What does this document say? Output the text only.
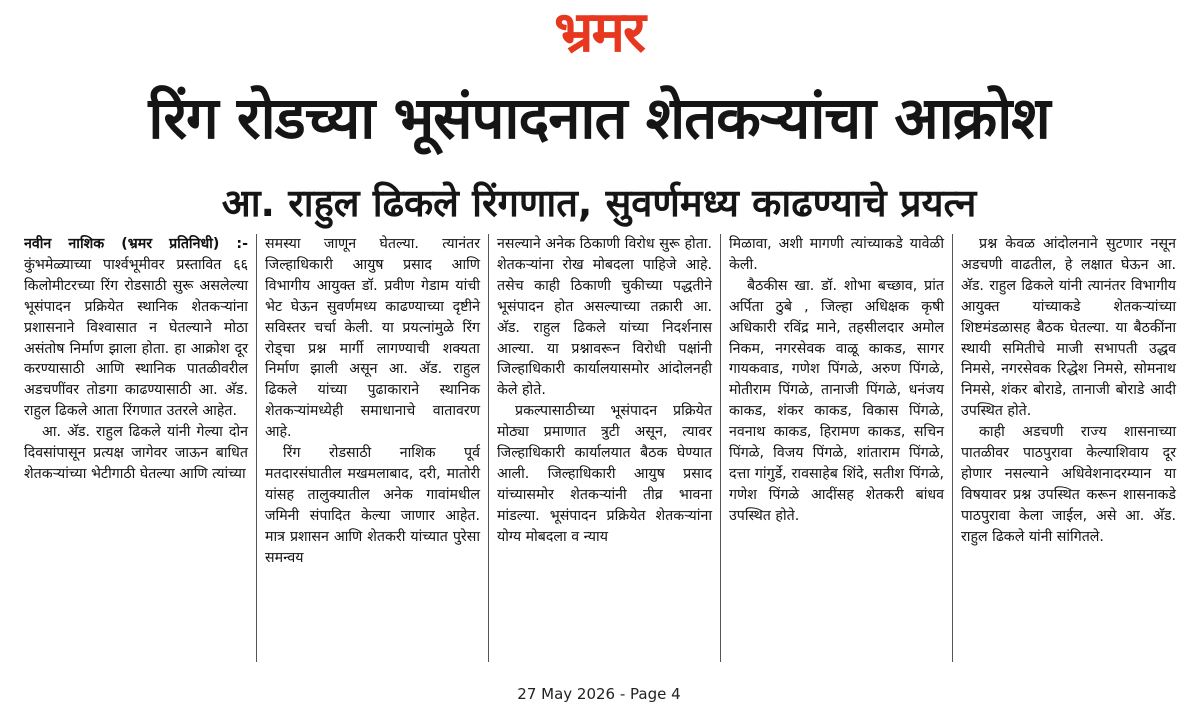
भ्रमर
रिंग रोडच्या भूसंपादनात शेतकऱ्यांचा आक्रोश
आ. राहुल ढिकले रिंगणात, सुवर्णमध्य काढण्याचे प्रयत्न

नवीन नाशिक (भ्रमर प्रतिनिधी) :- कुंभमेळ्याच्या पार्श्वभूमीवर प्रस्तावित ६६ किलोमीटरच्या रिंग रोडसाठी सुरू असलेल्या भूसंपादन प्रक्रियेत स्थानिक शेतकऱ्यांना प्रशासनाने विश्वासात न घेतल्याने मोठा असंतोष निर्माण झाला होता. हा आक्रोश दूर करण्यासाठी आणि स्थानिक पातळीवरील अडचणींवर तोडगा काढण्यासाठी आ. अ‍ॅड. राहुल ढिकले आता रिंगणात उतरले आहेत.

आ. अ‍ॅड. राहुल ढिकले यांनी गेल्या दोन दिवसांपासून प्रत्यक्ष जागेवर जाऊन बाधित शेतकऱ्यांच्या भेटीगाठी घेतल्या आणि त्यांच्या

समस्या जाणून घेतल्या. त्यानंतर जिल्हाधिकारी आयुष प्रसाद आणि विभागीय आयुक्त डॉ. प्रवीण गेडाम यांची भेट घेऊन सुवर्णमध्य काढण्याच्या दृष्टीने सविस्तर चर्चा केली. या प्रयत्नांमुळे रिंग रोड्चा प्रश्न मार्गी लागण्याची शक्यता निर्माण झाली असून आ. अ‍ॅड. राहुल ढिकले यांच्या पुढाकाराने स्थानिक शेतकऱ्यांमध्येही समाधानाचे वातावरण आहे.

रिंग रोडसाठी नाशिक पूर्व मतदारसंघातील मखमलाबाद, दरी, मातोरी यांसह तालुक्यातील अनेक गावांमधील जमिनी संपादित केल्या जाणार आहेत. मात्र प्रशासन आणि शेतकरी यांच्यात पुरेसा समन्वय

नसल्याने अनेक ठिकाणी विरोध सुरू होता. शेतकऱ्यांना रोख मोबदला पाहिजे आहे. तसेच काही ठिकाणी चुकीच्या पद्धतीने भूसंपादन होत असल्याच्या तक्रारी आ. अ‍ॅड. राहुल ढिकले यांच्या निदर्शनास आल्या. या प्रश्नावरून विरोधी पक्षांनी जिल्हाधिकारी कार्यालयासमोर आंदोलनही केले होते.

प्रकल्पासाठीच्या भूसंपादन प्रक्रियेत मोठ्या प्रमाणात त्रुटी असून, त्यावर जिल्हाधिकारी कार्यालयात बैठक घेण्यात आली. जिल्हाधिकारी आयुष प्रसाद यांच्यासमोर शेतकऱ्यांनी तीव्र भावना मांडल्या. भूसंपादन प्रक्रियेत शेतकऱ्यांना योग्य मोबदला व न्याय

मिळावा, अशी मागणी त्यांच्याकडे यावेळी केली.

बैठकीस खा. डॉ. शोभा बच्छाव, प्रांत अर्पिता ठुबे , जिल्हा अधिक्षक कृषी अधिकारी रविंद्र माने, तहसीलदार अमोल निकम, नगरसेवक वाळू काकड, सागर गायकवाड, गणेश पिंगळे, अरुण पिंगळे, मोतीराम पिंगळे, तानाजी पिंगळे, धनंजय काकड, शंकर काकड, विकास पिंगळे, नवनाथ काकड, हिरामण काकड, सचिन पिंगळे, विजय पिंगळे, शांताराम पिंगळे, दत्ता गांगुर्डे, रावसाहेब शिंदे, सतीश पिंगळे, गणेश पिंगळे आदींसह शेतकरी बांधव उपस्थित होते.

प्रश्न केवळ आंदोलनाने सुटणार नसून अडचणी वाढतील, हे लक्षात घेऊन आ. अ‍ॅड. राहुल ढिकले यांनी त्यानंतर विभागीय आयुक्त यांच्याकडे शेतकऱ्यांच्या शिष्टमंडळासह बैठक घेतल्या. या बैठकींना स्थायी समितीचे माजी सभापती उद्धव निमसे, नगरसेवक रिद्धेश निमसे, सोमनाथ निमसे, शंकर बोराडे, तानाजी बोराडे आदी उपस्थित होते.

काही अडचणी राज्य शासनाच्या पातळीवर पाठपुरावा केल्याशिवाय दूर होणार नसल्याने अधिवेशनादरम्यान या विषयावर प्रश्न उपस्थित करून शासनाकडे पाठपुरावा केला जाईल, असे आ. अ‍ॅड. राहुल ढिकले यांनी सांगितले.

27 May 2026 - Page 4
